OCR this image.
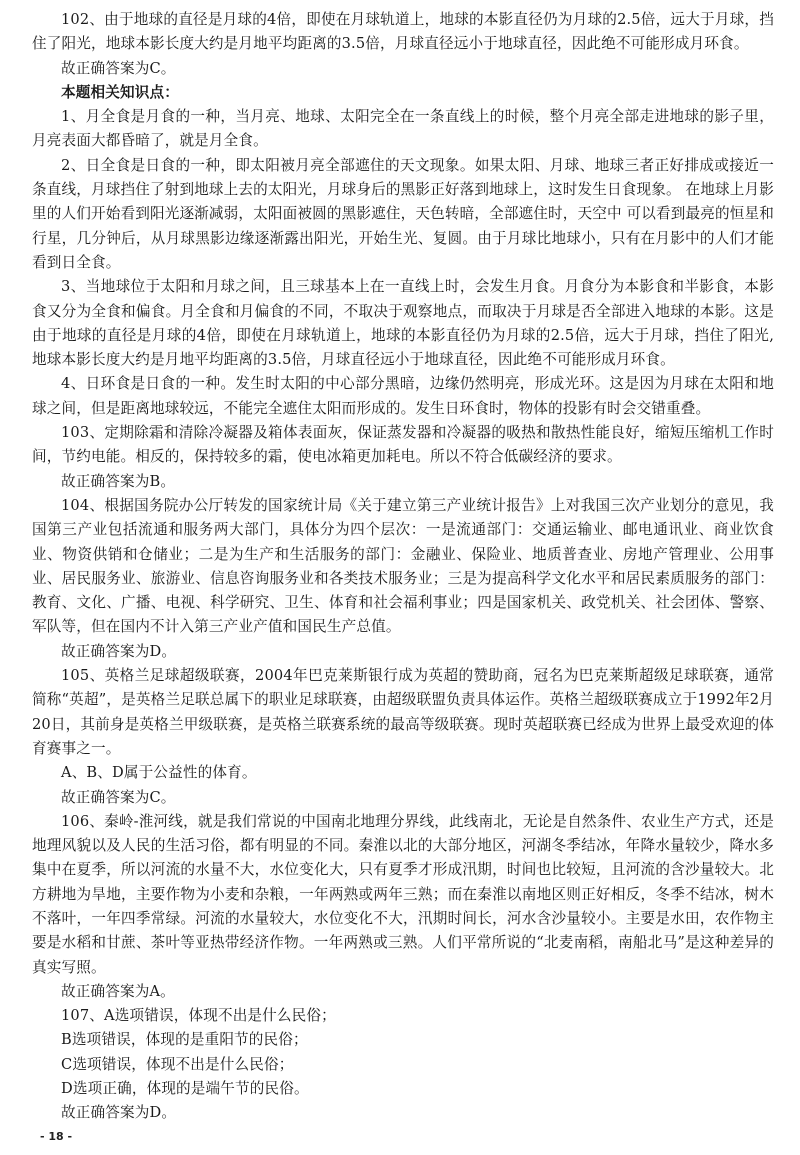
102、由于地球的直径是月球的4倍，即使在月球轨道上，地球的本影直径仍为月球的2.5倍，远大于月球，挡住了阳光，地球本影长度大约是月地平均距离的3.5倍，月球直径远小于地球直径，因此绝不可能形成月环食。

故正确答案为C。

本题相关知识点：

1、月全食是月食的一种，当月亮、地球、太阳完全在一条直线上的时候，整个月亮全部走进地球的影子里，月亮表面大都昏暗了，就是月全食。

2、日全食是日食的一种，即太阳被月亮全部遮住的天文现象。如果太阳、月球、地球三者正好排成或接近一条直线，月球挡住了射到地球上去的太阳光，月球身后的黑影正好落到地球上，这时发生日食现象。 在地球上月影里的人们开始看到阳光逐渐减弱，太阳面被圆的黑影遮住，天色转暗，全部遮住时，天空中 可以看到最亮的恒星和行星，几分钟后，从月球黑影边缘逐渐露出阳光，开始生光、复圆。由于月球比地球小，只有在月影中的人们才能看到日全食。

3、当地球位于太阳和月球之间，且三球基本上在一直线上时，会发生月食。月食分为本影食和半影食，本影食又分为全食和偏食。月全食和月偏食的不同，不取决于观察地点，而取决于月球是否全部进入地球的本影。这是由于地球的直径是月球的4倍，即使在月球轨道上，地球的本影直径仍为月球的2.5倍，远大于月球，挡住了阳光,地球本影长度大约是月地平均距离的3.5倍，月球直径远小于地球直径，因此绝不可能形成月环食。

4、日环食是日食的一种。发生时太阳的中心部分黑暗，边缘仍然明亮，形成光环。这是因为月球在太阳和地球之间，但是距离地球较远，不能完全遮住太阳而形成的。发生日环食时，物体的投影有时会交错重叠。

103、定期除霜和清除冷凝器及箱体表面灰，保证蒸发器和冷凝器的吸热和散热性能良好，缩短压缩机工作时间，节约电能。相反的，保持较多的霜，使电冰箱更加耗电。所以不符合低碳经济的要求。

故正确答案为B。

104、根据国务院办公厅转发的国家统计局《关于建立第三产业统计报告》上对我国三次产业划分的意见，我国第三产业包括流通和服务两大部门，具体分为四个层次：一是流通部门：交通运输业、邮电通讯业、商业饮食业、物资供销和仓储业；二是为生产和生活服务的部门：金融业、保险业、地质普查业、房地产管理业、公用事业、居民服务业、旅游业、信息咨询服务业和各类技术服务业；三是为提高科学文化水平和居民素质服务的部门：教育、文化、广播、电视、科学研究、卫生、体育和社会福利事业；四是国家机关、政党机关、社会团体、警察、军队等，但在国内不计入第三产业产值和国民生产总值。

故正确答案为D。

105、英格兰足球超级联赛，2004年巴克莱斯银行成为英超的赞助商，冠名为巴克莱斯超级足球联赛，通常简称“英超”，是英格兰足联总属下的职业足球联赛，由超级联盟负责具体运作。英格兰超级联赛成立于1992年2月20日，其前身是英格兰甲级联赛，是英格兰联赛系统的最高等级联赛。现时英超联赛已经成为世界上最受欢迎的体育赛事之一。

A、B、D属于公益性的体育。

故正确答案为C。

106、秦岭-淮河线，就是我们常说的中国南北地理分界线，此线南北，无论是自然条件、农业生产方式，还是地理风貌以及人民的生活习俗，都有明显的不同。秦淮以北的大部分地区，河湖冬季结冰，年降水量较少，降水多集中在夏季，所以河流的水量不大，水位变化大，只有夏季才形成汛期，时间也比较短，且河流的含沙量较大。北方耕地为旱地，主要作物为小麦和杂粮，一年两熟或两年三熟；而在秦淮以南地区则正好相反，冬季不结冰，树木不落叶，一年四季常绿。河流的水量较大，水位变化不大，汛期时间长，河水含沙量较小。主要是水田，农作物主要是水稻和甘蔗、茶叶等亚热带经济作物。一年两熟或三熟。人们平常所说的“北麦南稻，南船北马”是这种差异的真实写照。

故正确答案为A。

107、A选项错误，体现不出是什么民俗；

B选项错误，体现的是重阳节的民俗；

C选项错误，体现不出是什么民俗；

D选项正确，体现的是端午节的民俗。

故正确答案为D。

- 18 -
